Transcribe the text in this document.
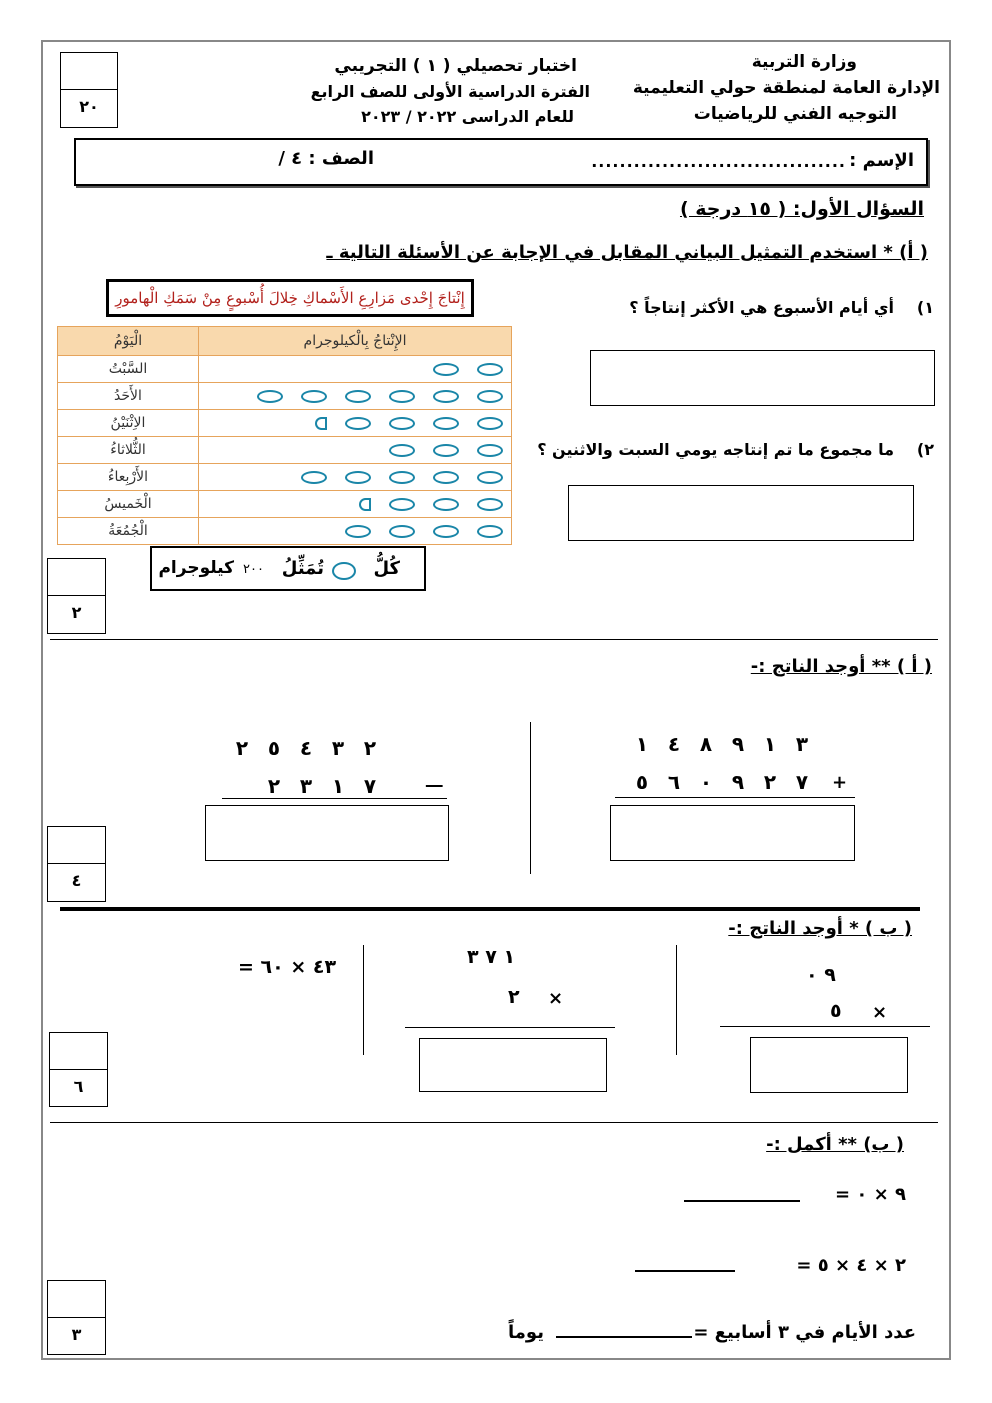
٢٠
وزارة التربية
الإدارة العامة لمنطقة حولي التعليمية
التوجيه الفني للرياضيات
اختبار تحصيلي ( ١ ) التجريبي
الفترة الدراسية الأولى للصف الرابع
للعام الدراسى ٢٠٢٢ / ٢٠٢٣
الإسم :
....................................
الصف : ٤ /
السؤال الأول: ( ١٥ درجة )
( أ) * استخدم التمثيل البياني المقابل في الإجابة عن الأسئلة التالية ـ
إِنْتاجَ إِحْدى مَزارِعِ الأَسْماكِ خِلالَ أُسْبوعٍ مِنْ سَمَكِ الْهامورِ
الإِنْتاجُ بِالْكيلوجرام	الْيَوْمُ
	السَّبْتُ
	الأَحَدُ
	الاِثْنَيْنُ
	الثُّلاثاءُ
	الأَرْبِعاءُ
	الْخَميسُ
	الْجُمُعَةُ
كُلُّ
تُمَثِّلُ
٢٠٠
كيلوجرام
١)
أي أيام الأسبوع هي الأكثر إنتاجاً ؟
٢)
ما مجموع ما تم إنتاجه يومي السبت والاثنين ؟
٢
( أ ) ** أوجد الناتج :-
١ ٤ ٨ ٩ ١ ٣
٥ ٦ ٠ ٩ ٢ ٧	+
٢ ٥ ٤ ٣ ٢
٢ ٣ ١ ٧	ـــ
٤
( ب ) * أوجد الناتج :-
٩ ٠
×
٥
١ ٧ ٣
×
٢
٤٣ × ٦٠ =
٦
( ب) ** أكمل :-
٩ × ٠ =
٢ × ٤ × ٥ =
عدد الأيام في ٣ أسابيع =
يوماً
٣
